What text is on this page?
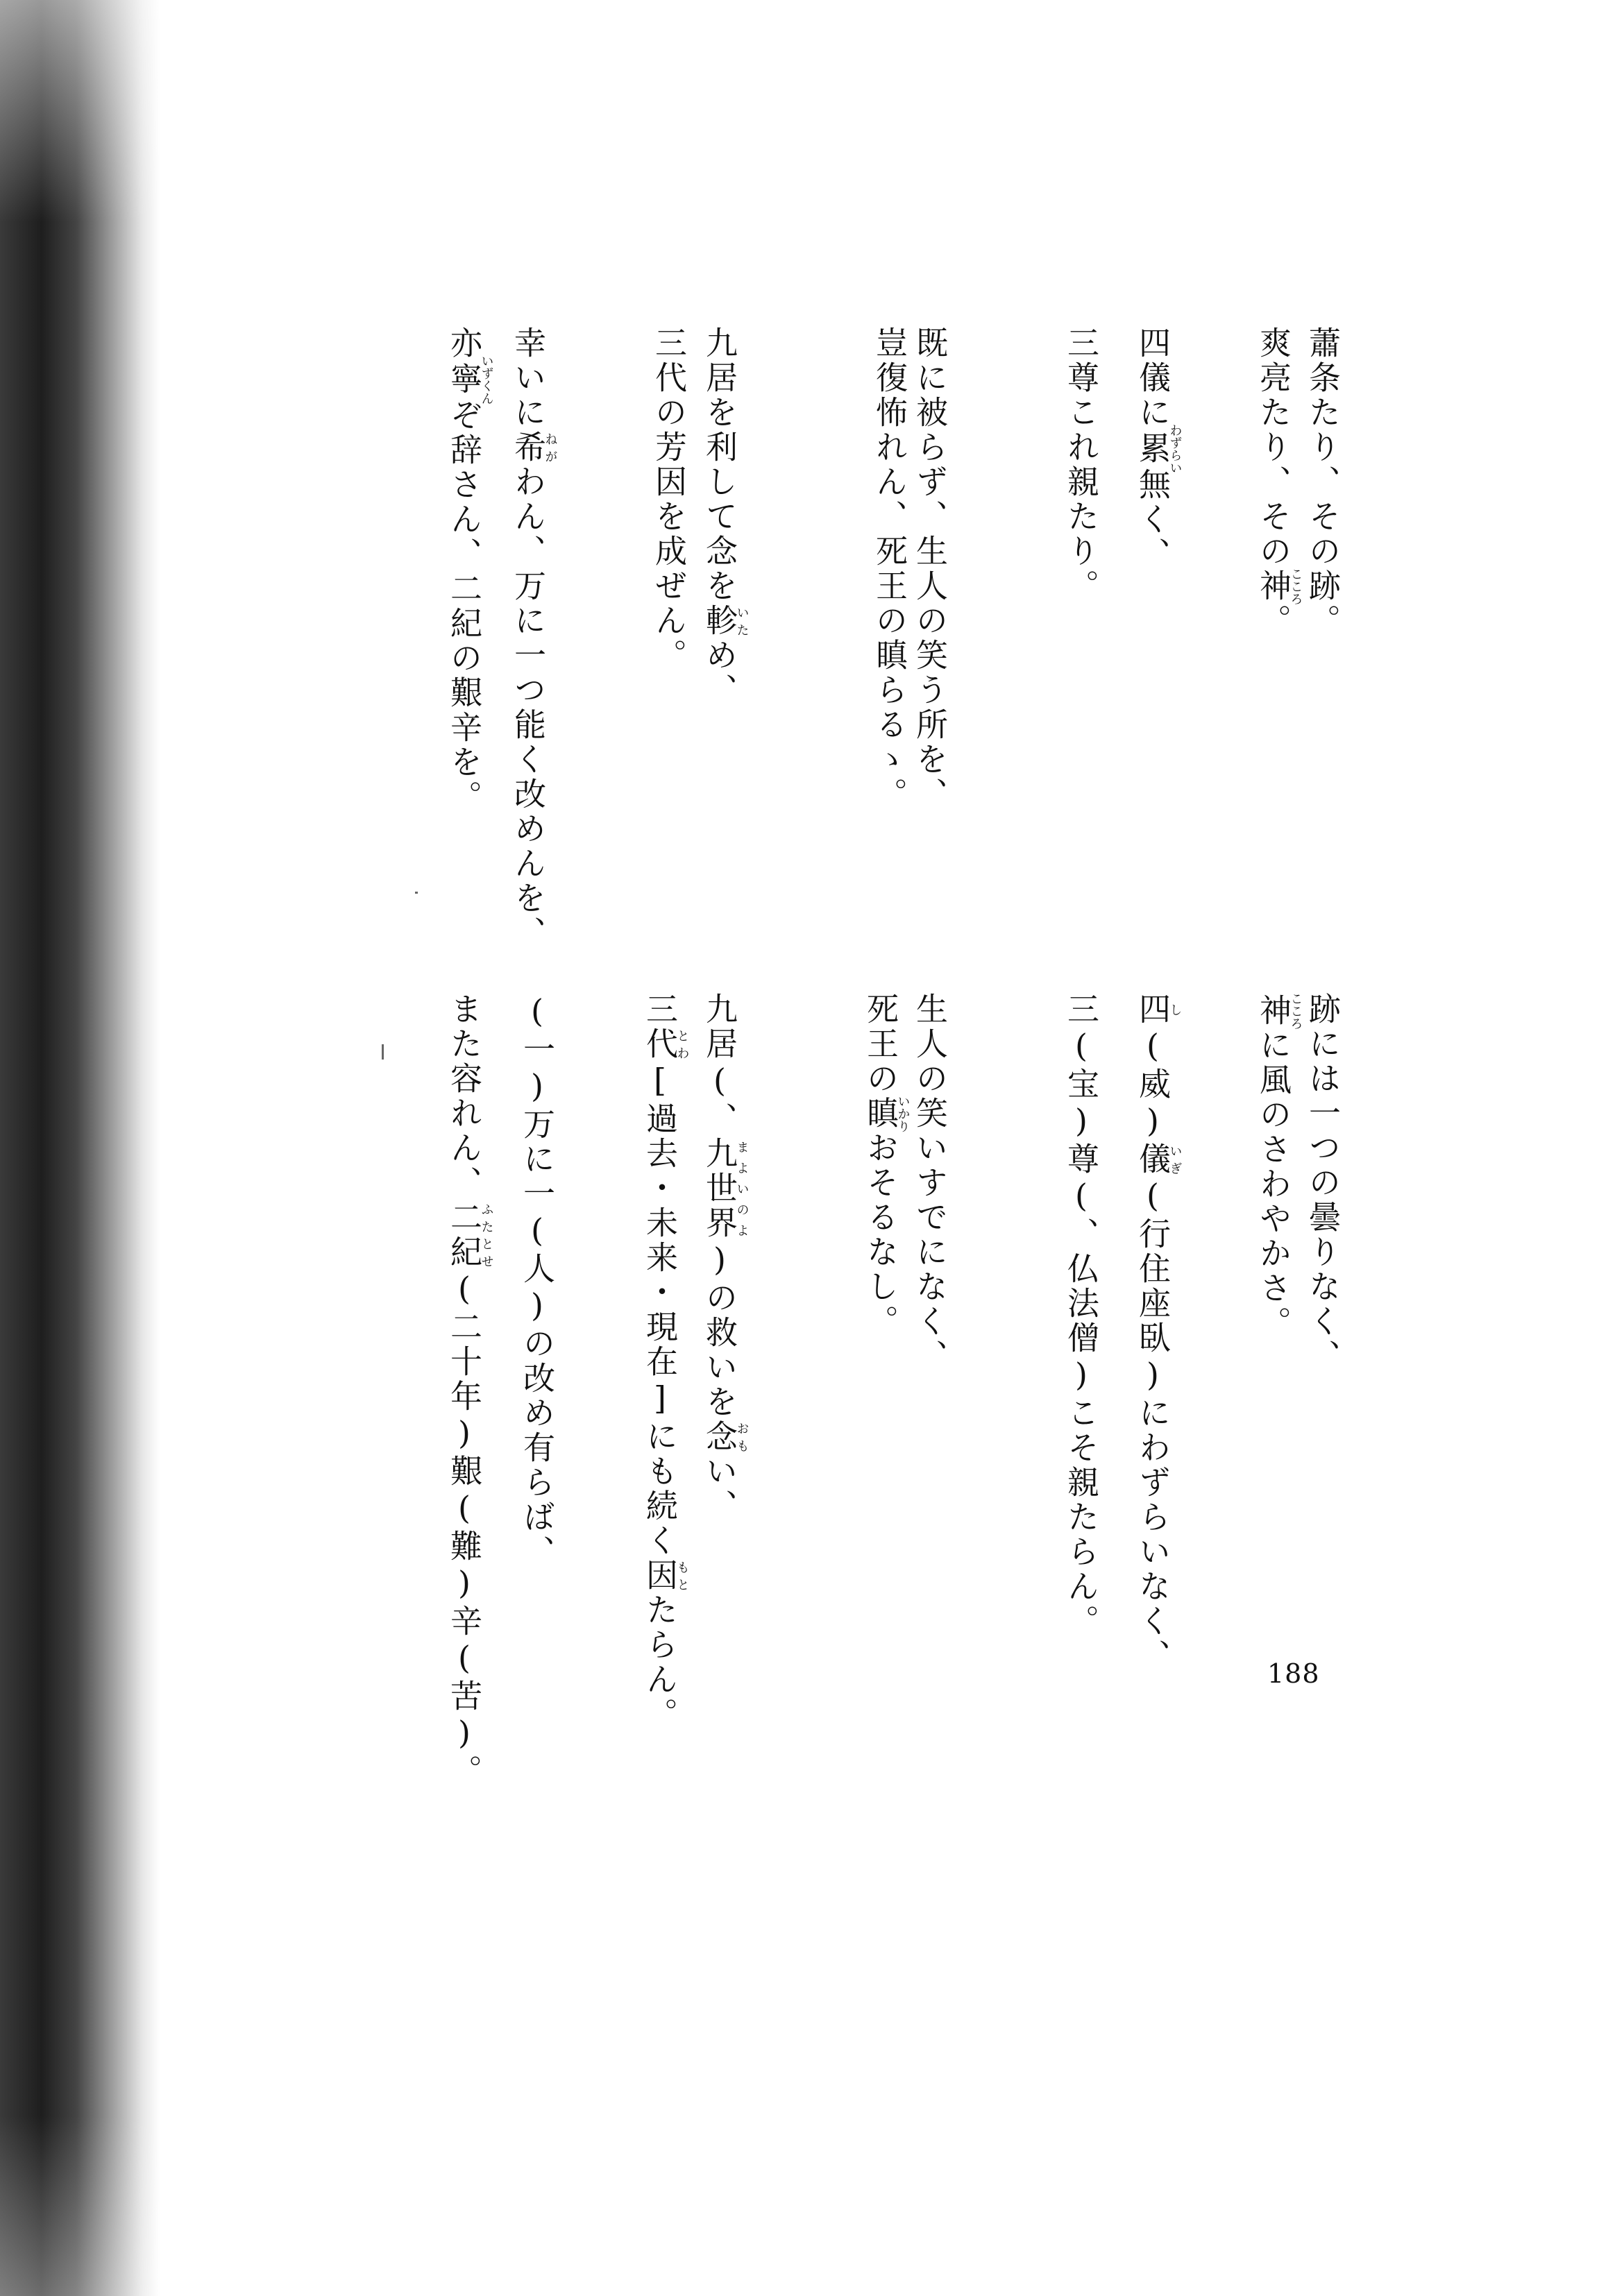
蕭条たり、その跡。
爽亮たり、その神こころ。
四儀に累わずらい無く、
三尊これ親たり。
既に被らず、生人の笑う所を、
豈復怖れん、死王の瞋らるゝ。
九居を利して念を軫いため、
三代の芳因を成ぜん。
幸いに希ねがわん、万に一つ能く改めんを、
亦寧いずくんぞ辞さん、二紀の艱辛を。
跡には一つの曇りなく、
神こころに風のさわやかさ。
四し(威)儀いぎ(行住座臥)にわずらいなく、
三(宝)尊(、仏法僧)こそ親たらん。
生人の笑いすでになく、
死王の瞋いかりおそるなし。
九居(、九世界まよいのよ)の救いを念おもい、
三代とわ[過去・未来・現在]にも続く因もとたらん。
(一)万に一(人)の改め有らば、
また容れん、二紀ふたとせ(二十年)艱(難)辛(苦)。	188
